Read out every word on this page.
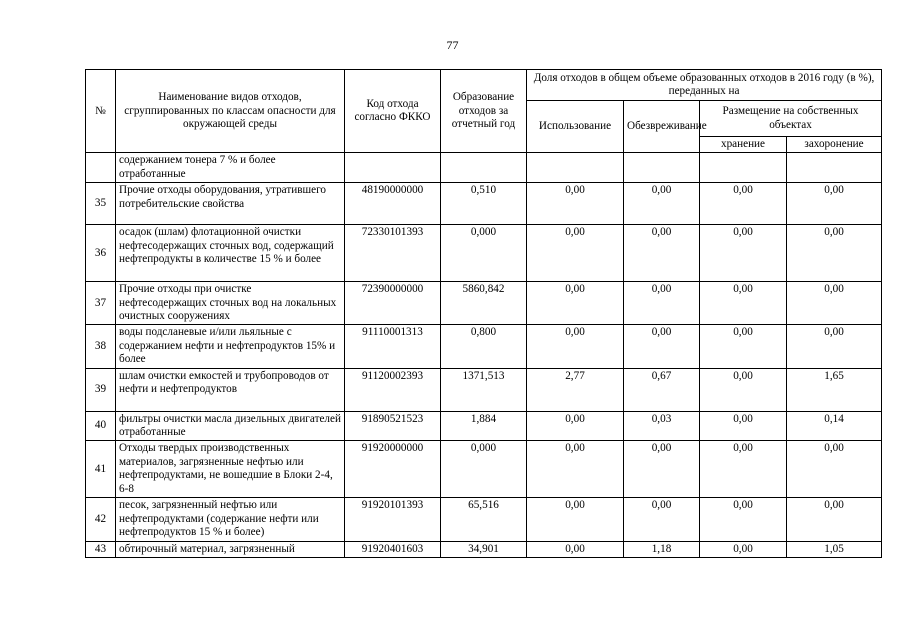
77
№	Наименование видов отходов, сгруппированных по классам опасности для окружающей среды	Код отхода согласно ФККО	Образование отходов за отчетный год	Доля отходов в общем объеме образованных отходов в 2016 году (в %), переданных на			
				Использование	Обезвреживание	Размещение на собственных объектах	
						хранение	захоронение
	содержанием тонера 7 % и более отработанные						
35	Прочие отходы оборудования, утратившего потребительские свойства	48190000000	0,510	0,00	0,00	0,00	0,00
36	осадок (шлам) флотационной очистки нефтесодержащих сточных вод, содержащий нефтепродукты в количестве 15 % и более	72330101393	0,000	0,00	0,00	0,00	0,00
37	Прочие отходы при очистке нефтесодержащих сточных вод на локальных очистных сооружениях	72390000000	5860,842	0,00	0,00	0,00	0,00
38	воды подсланевые и/или льяльные с содержанием нефти и нефтепродуктов 15% и более	91110001313	0,800	0,00	0,00	0,00	0,00
39	шлам очистки емкостей и трубопроводов от нефти и нефтепродуктов	91120002393	1371,513	2,77	0,67	0,00	1,65
40	фильтры очистки масла дизельных двигателей отработанные	91890521523	1,884	0,00	0,03	0,00	0,14
41	Отходы твердых производственных материалов, загрязненные нефтью или нефтепродуктами, не вошедшие в Блоки 2-4, 6-8	91920000000	0,000	0,00	0,00	0,00	0,00
42	песок, загрязненный нефтью или нефтепродуктами (содержание нефти или нефтепродуктов 15 % и более)	91920101393	65,516	0,00	0,00	0,00	0,00
43	обтирочный материал, загрязненный	91920401603	34,901	0,00	1,18	0,00	1,05
